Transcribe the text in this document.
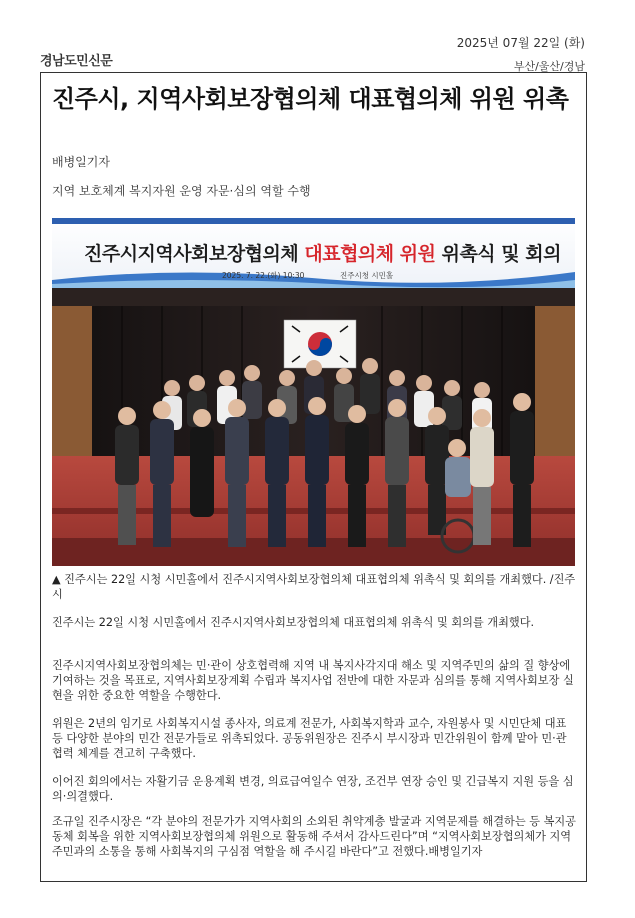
2025년 07월 22일 (화)
경남도민신문	부산/울산/경남
진주시, 지역사회보장협의체 대표협의체 위원 위촉
배병일기자
지역 보호체계 복지자원 운영 자문·심의 역할 수행
진주시지역사회보장협의체 대표협의체 위원 위촉식 및 회의
2025. 7. 22.(화) 10:30	진주시청 시민홀
▲ 진주시는 22일 시청 시민홀에서 진주시지역사회보장협의체 대표협의체 위촉식 및 회의를 개최했다. /진주시

진주시는 22일 시청 시민홀에서 진주시지역사회보장협의체 대표협의체 위촉식 및 회의를 개최했다.

진주시지역사회보장협의체는 민·관이 상호협력해 지역 내 복지사각지대 해소 및 지역주민의 삶의 질 향상에 기여하는 것을 목표로, 지역사회보장계획 수립과 복지사업 전반에 대한 자문과 심의를 통해 지역사회보장 실현을 위한 중요한 역할을 수행한다.

위원은 2년의 임기로 사회복지시설 종사자, 의료계 전문가, 사회복지학과 교수, 자원봉사 및 시민단체 대표 등 다양한 분야의 민간 전문가들로 위촉되었다. 공동위원장은 진주시 부시장과 민간위원이 함께 맡아 민·관 협력 체계를 견고히 구축했다.

이어진 회의에서는 자활기금 운용계획 변경, 의료급여일수 연장, 조건부 연장 승인 및 긴급복지 지원 등을 심의·의결했다.

조규일 진주시장은 “각 분야의 전문가가 지역사회의 소외된 취약계층 발굴과 지역문제를 해결하는 등 복지공동체 회복을 위한 지역사회보장협의체 위원으로 활동해 주셔서 감사드린다”며 “지역사회보장협의체가 지역주민과의 소통을 통해 사회복지의 구심점 역할을 해 주시길 바란다”고 전했다.배병일기자
